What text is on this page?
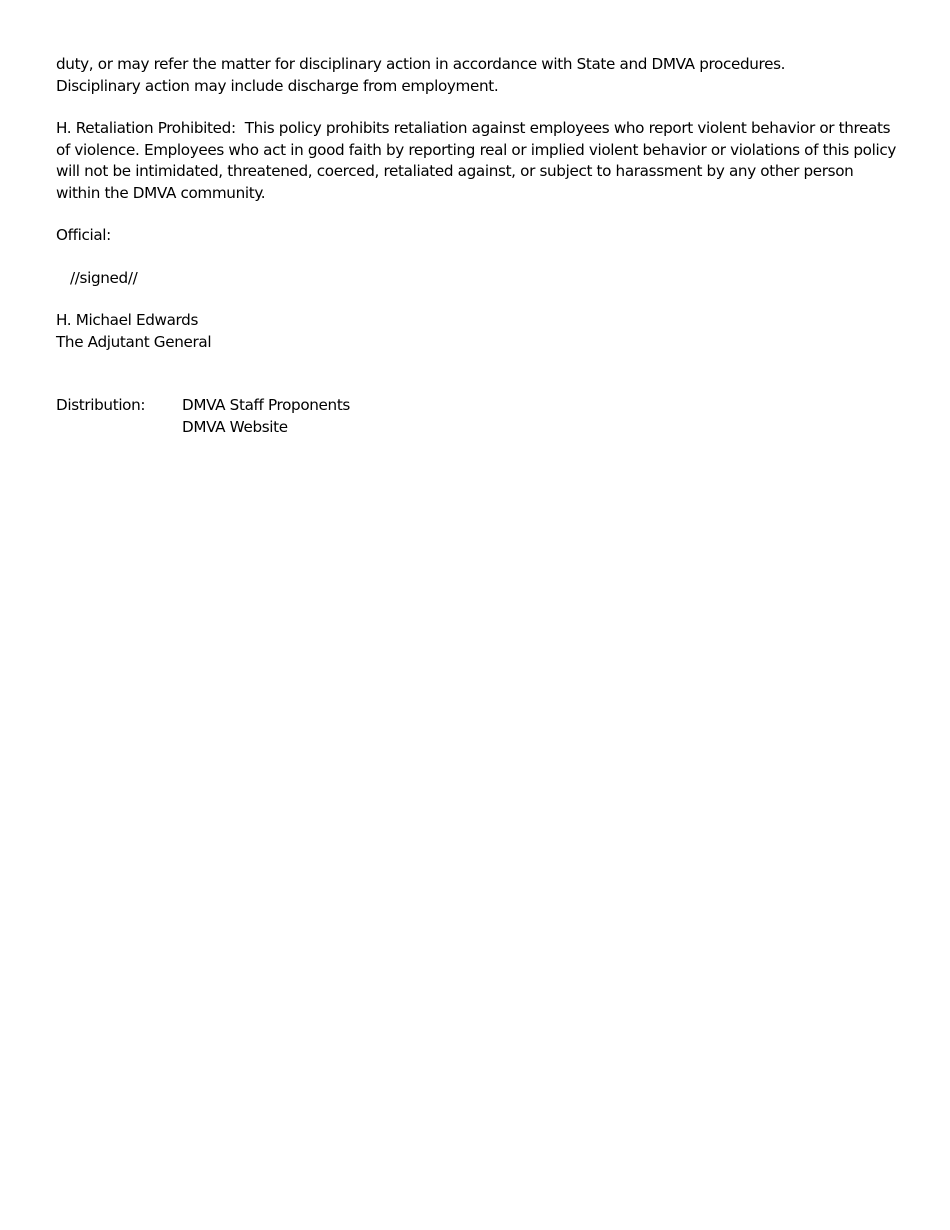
duty, or may refer the matter for disciplinary action in accordance with State and DMVA procedures.

Disciplinary action may include discharge from employment.

H. Retaliation Prohibited: This policy prohibits retaliation against employees who report violent behavior or threats of violence. Employees who act in good faith by reporting real or implied violent behavior or violations of this policy will not be intimidated, threatened, coerced, retaliated against, or subject to harassment by any other person within the DMVA community.

Official:

//signed//

H. Michael Edwards

The Adjutant General

Distribution:	DMVA Staff Proponents
DMVA Website
